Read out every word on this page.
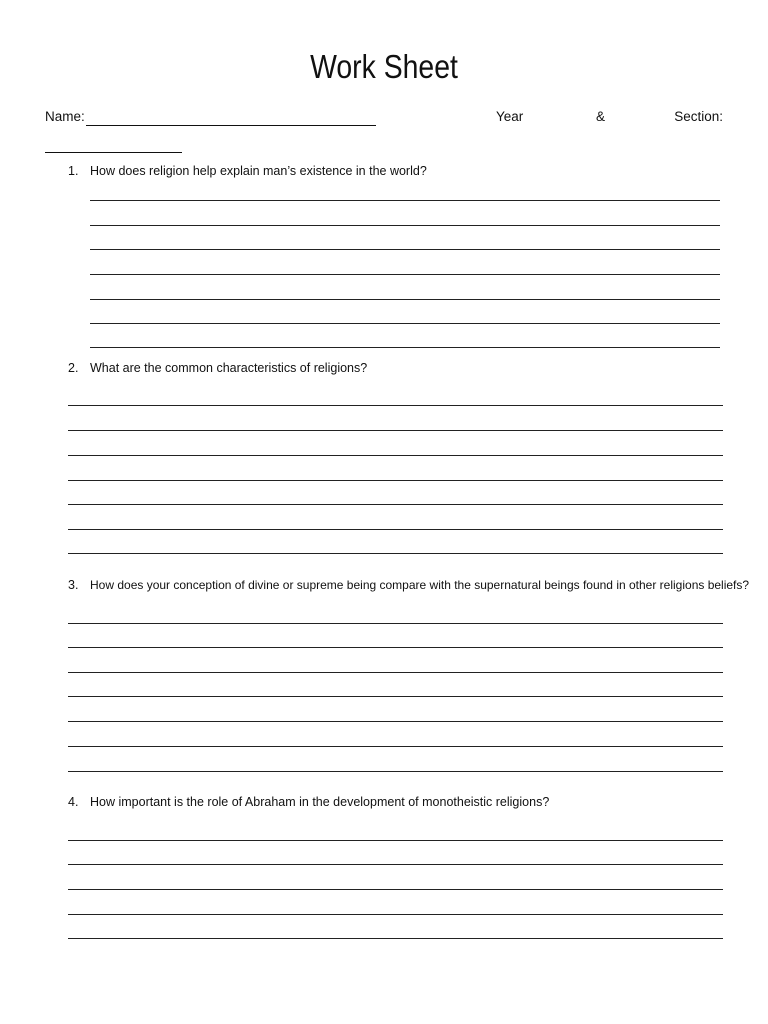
Work Sheet
Name:	Year	&	Section:
1. How does religion help explain man’s existence in the world?
2. What are the common characteristics of religions?
3. How does your conception of divine or supreme being compare with the supernatural beings found in other religions beliefs?
4. How important is the role of Abraham in the development of monotheistic religions?
